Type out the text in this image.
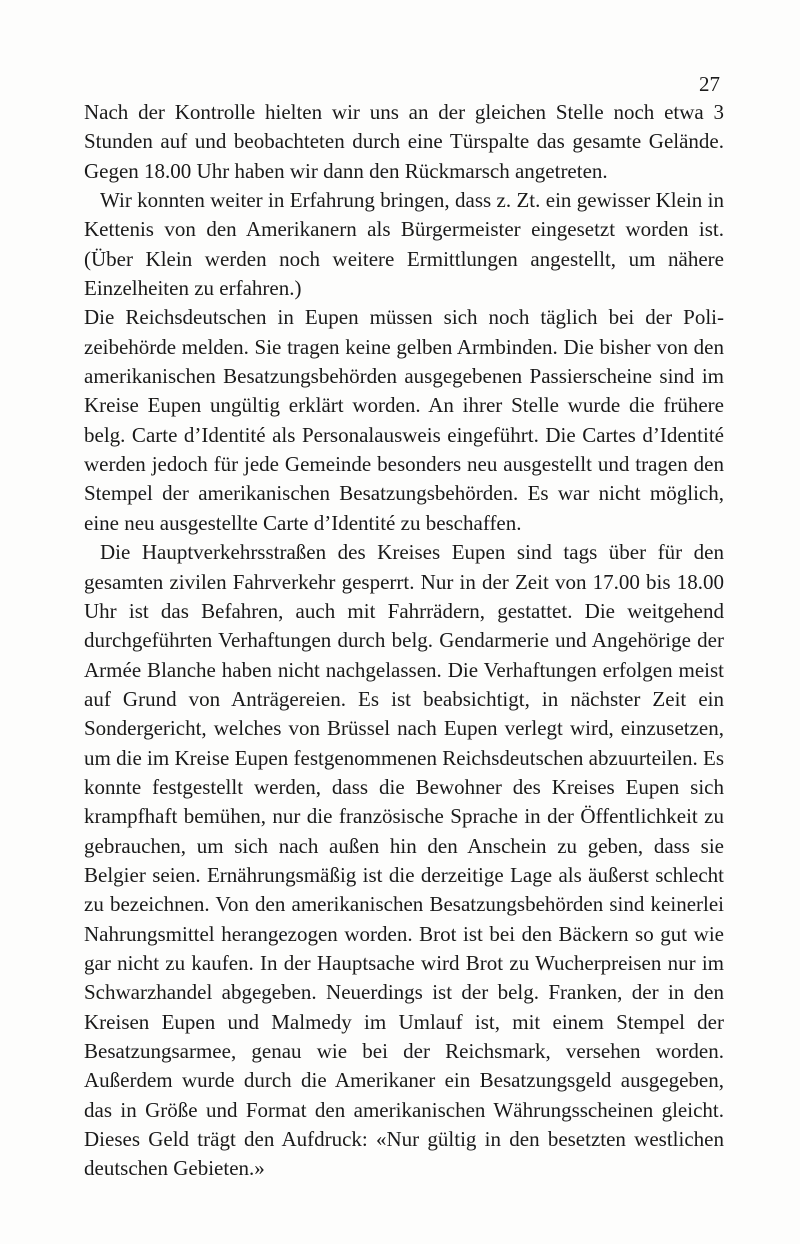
27

Nach der Kontrolle hielten wir uns an der gleichen Stelle noch etwa 3 Stunden auf und beobachteten durch eine Türspalte das gesamte Gelände. Gegen 18.00 Uhr haben wir dann den Rückmarsch angetreten.

Wir konnten weiter in Erfahrung bringen, dass z. Zt. ein gewisser Klein in Kettenis von den Amerikanern als Bürgermeister eingesetzt worden ist. (Über Klein werden noch weitere Ermittlungen angestellt, um nähere Einzelheiten zu erfahren.)

Die Reichsdeutschen in Eupen müssen sich noch täglich bei der Polizeibehörde melden. Sie tragen keine gelben Armbinden. Die bisher von den amerikanischen Besatzungsbehörden ausgegebenen Passierscheine sind im Kreise Eupen ungültig erklärt worden. An ihrer Stelle wurde die frühere belg. Carte d’Identité als Personalausweis eingeführt. Die Cartes d’Identité werden jedoch für jede Gemeinde besonders neu ausgestellt und tragen den Stempel der amerikanischen Besatzungsbehörden. Es war nicht möglich, eine neu ausgestellte Carte d’Identité zu beschaffen.

Die Hauptverkehrsstraßen des Kreises Eupen sind tags über für den gesamten zivilen Fahrverkehr gesperrt. Nur in der Zeit von 17.00 bis 18.00 Uhr ist das Befahren, auch mit Fahrrädern, gestattet. Die weitgehend durchgeführten Verhaftungen durch belg. Gendarmerie und Angehörige der Armée Blanche haben nicht nachgelassen. Die Verhaftungen erfolgen meist auf Grund von Anträgereien. Es ist beabsichtigt, in nächster Zeit ein Sondergericht, welches von Brüssel nach Eupen verlegt wird, einzusetzen, um die im Kreise Eupen festgenommenen Reichsdeutschen abzuurteilen. Es konnte festgestellt werden, dass die Bewohner des Kreises Eupen sich krampfhaft bemühen, nur die französische Sprache in der Öffentlichkeit zu gebrauchen, um sich nach außen hin den Anschein zu geben, dass sie Belgier seien. Ernährungsmäßig ist die derzeitige Lage als äußerst schlecht zu bezeichnen. Von den amerikanischen Besatzungsbehörden sind keinerlei Nahrungsmittel herangezogen worden. Brot ist bei den Bäckern so gut wie gar nicht zu kaufen. In der Hauptsache wird Brot zu Wucherpreisen nur im Schwarzhandel abgegeben. Neuerdings ist der belg. Franken, der in den Kreisen Eupen und Malmedy im Umlauf ist, mit einem Stempel der Besatzungsarmee, genau wie bei der Reichsmark, versehen worden. Außerdem wurde durch die Amerikaner ein Besatzungsgeld ausgegeben, das in Größe und Format den amerikanischen Währungsscheinen gleicht. Dieses Geld trägt den Aufdruck: «Nur gültig in den besetzten westlichen deutschen Gebieten.»
